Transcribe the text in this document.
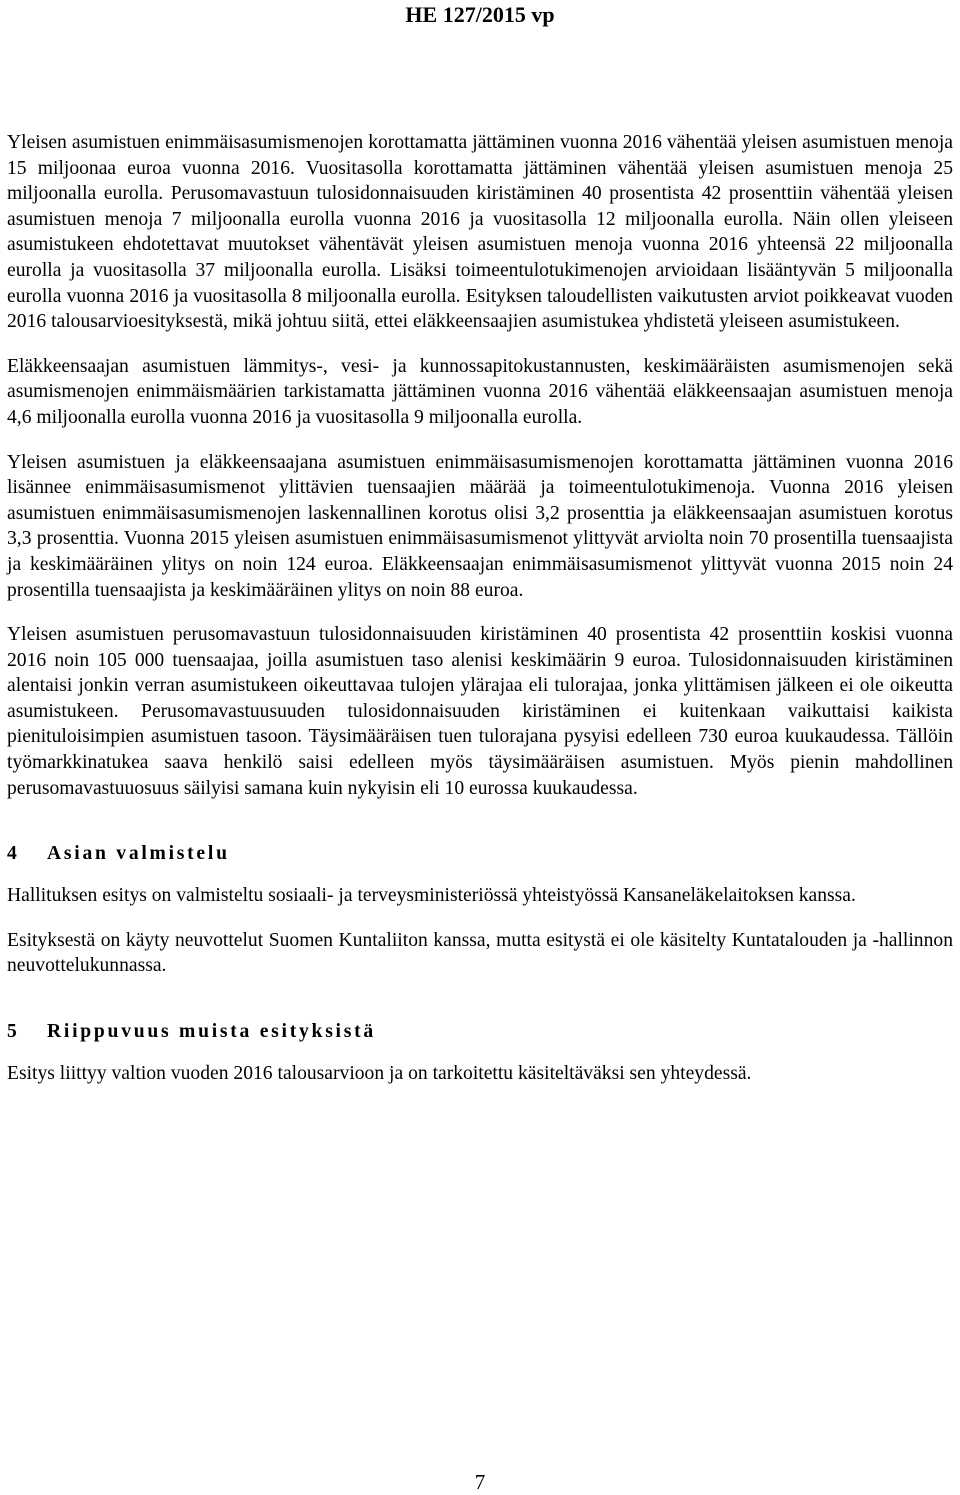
HE 127/2015 vp

Yleisen asumistuen enimmäisasumismenojen korottamatta jättäminen vuonna 2016 vähentää yleisen asumistuen menoja 15 miljoonaa euroa vuonna 2016. Vuositasolla korottamatta jättäminen vähentää yleisen asumistuen menoja 25 miljoonalla eurolla. Perusomavastuun tulosidonnaisuuden kiristäminen 40 prosentista 42 prosenttiin vähentää yleisen asumistuen menoja 7 miljoonalla eurolla vuonna 2016 ja vuositasolla 12 miljoonalla eurolla. Näin ollen yleiseen asumistukeen ehdotettavat muutokset vähentävät yleisen asumistuen menoja vuonna 2016 yhteensä 22 miljoonalla eurolla ja vuositasolla 37 miljoonalla eurolla. Lisäksi toimeentulotukimenojen arvioidaan lisääntyvän 5 miljoonalla eurolla vuonna 2016 ja vuositasolla 8 miljoonalla eurolla. Esityksen taloudellisten vaikutusten arviot poikkeavat vuoden 2016 talousarvioesityksestä, mikä johtuu siitä, ettei eläkkeensaajien asumistukea yhdistetä yleiseen asumistukeen.

Eläkkeensaajan asumistuen lämmitys-, vesi- ja kunnossapitokustannusten, keskimääräisten asumismenojen sekä asumismenojen enimmäismäärien tarkistamatta jättäminen vuonna 2016 vähentää eläkkeensaajan asumistuen menoja 4,6 miljoonalla eurolla vuonna 2016 ja vuositasolla 9 miljoonalla eurolla.

Yleisen asumistuen ja eläkkeensaajana asumistuen enimmäisasumismenojen korottamatta jättäminen vuonna 2016 lisännee enimmäisasumismenot ylittävien tuensaajien määrää ja toimeentulotukimenoja. Vuonna 2016 yleisen asumistuen enimmäisasumismenojen laskennallinen korotus olisi 3,2 prosenttia ja eläkkeensaajan asumistuen korotus 3,3 prosenttia. Vuonna 2015 yleisen asumistuen enimmäisasumismenot ylittyvät arviolta noin 70 prosentilla tuensaajista ja keskimääräinen ylitys on noin 124 euroa. Eläkkeensaajan enimmäisasumismenot ylittyvät vuonna 2015 noin 24 prosentilla tuensaajista ja keskimääräinen ylitys on noin 88 euroa.

Yleisen asumistuen perusomavastuun tulosidonnaisuuden kiristäminen 40 prosentista 42 prosenttiin koskisi vuonna 2016 noin 105 000 tuensaajaa, joilla asumistuen taso alenisi keskimäärin 9 euroa. Tulosidonnaisuuden kiristäminen alentaisi jonkin verran asumistukeen oikeuttavaa tulojen ylärajaa eli tulorajaa, jonka ylittämisen jälkeen ei ole oikeutta asumistukeen. Perusomavastuusuuden tulosidonnaisuuden kiristäminen ei kuitenkaan vaikuttaisi kaikista pienituloisimpien asumistuen tasoon. Täysimääräisen tuen tulorajana pysyisi edelleen 730 euroa kuukaudessa. Tällöin työmarkkinatukea saava henkilö saisi edelleen myös täysimääräisen asumistuen. Myös pienin mahdollinen perusomavastuuosuus säilyisi samana kuin nykyisin eli 10 eurossa kuukaudessa.

4 Asian valmistelu

Hallituksen esitys on valmisteltu sosiaali- ja terveysministeriössä yhteistyössä Kansaneläkelaitoksen kanssa.

Esityksestä on käyty neuvottelut Suomen Kuntaliiton kanssa, mutta esitystä ei ole käsitelty Kuntatalouden ja -hallinnon neuvottelukunnassa.

5 Riippuvuus muista esityksistä

Esitys liittyy valtion vuoden 2016 talousarvioon ja on tarkoitettu käsiteltäväksi sen yhteydessä.

7
